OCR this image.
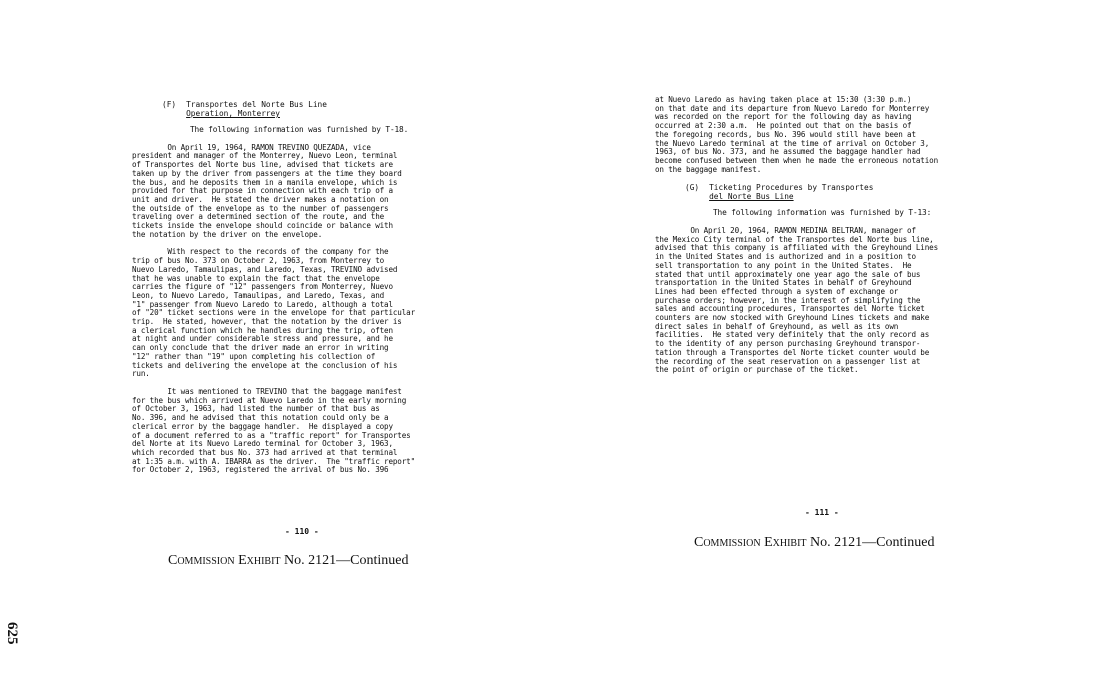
(F) Transportes del Norte Bus Line
Operation, Monterrey
The following information was furnished by T-18.
On April 19, 1964, RAMON TREVINO QUEZADA, vice
president and manager of the Monterrey, Nuevo Leon, terminal
of Transportes del Norte bus line, advised that tickets are
taken up by the driver from passengers at the time they board
the bus, and he deposits them in a manila envelope, which is
provided for that purpose in connection with each trip of a
unit and driver.  He stated the driver makes a notation on
the outside of the envelope as to the number of passengers
traveling over a determined section of the route, and the
tickets inside the envelope should coincide or balance with
the notation by the driver on the envelope.
With respect to the records of the company for the
trip of bus No. 373 on October 2, 1963, from Monterrey to
Nuevo Laredo, Tamaulipas, and Laredo, Texas, TREVINO advised
that he was unable to explain the fact that the envelope
carries the figure of "12" passengers from Monterrey, Nuevo
Leon, to Nuevo Laredo, Tamaulipas, and Laredo, Texas, and
"1" passenger from Nuevo Laredo to Laredo, although a total
of "20" ticket sections were in the envelope for that particular
trip.  He stated, however, that the notation by the driver is
a clerical function which he handles during the trip, often
at night and under considerable stress and pressure, and he
can only conclude that the driver made an error in writing
"12" rather than "19" upon completing his collection of
tickets and delivering the envelope at the conclusion of his
run.
It was mentioned to TREVINO that the baggage manifest
for the bus which arrived at Nuevo Laredo in the early morning
of October 3, 1963, had listed the number of that bus as
No. 396, and he advised that this notation could only be a
clerical error by the baggage handler.  He displayed a copy
of a document referred to as a "traffic report" for Transportes
del Norte at its Nuevo Laredo terminal for October 3, 1963,
which recorded that bus No. 373 had arrived at that terminal
at 1:35 a.m. with A. IBARRA as the driver.  The "traffic report"
for October 2, 1963, registered the arrival of bus No. 396
- 110 -
Commission Exhibit No. 2121—Continued
at Nuevo Laredo as having taken place at 15:30 (3:30 p.m.)
on that date and its departure from Nuevo Laredo for Monterrey
was recorded on the report for the following day as having
occurred at 2:30 a.m.  He pointed out that on the basis of
the foregoing records, bus No. 396 would still have been at
the Nuevo Laredo terminal at the time of arrival on October 3,
1963, of bus No. 373, and he assumed the baggage handler had
become confused between them when he made the erroneous notation
on the baggage manifest.
(G) Ticketing Procedures by Transportes
del Norte Bus Line
The following information was furnished by T-13:
On April 20, 1964, RAMON MEDINA BELTRAN, manager of
the Mexico City terminal of the Transportes del Norte bus line,
advised that this company is affiliated with the Greyhound Lines
in the United States and is authorized and in a position to
sell transportation to any point in the United States.  He
stated that until approximately one year ago the sale of bus
transportation in the United States in behalf of Greyhound
Lines had been effected through a system of exchange or
purchase orders; however, in the interest of simplifying the
sales and accounting procedures, Transportes del Norte ticket
counters are now stocked with Greyhound Lines tickets and make
direct sales in behalf of Greyhound, as well as its own
facilities.  He stated very definitely that the only record as
to the identity of any person purchasing Greyhound transpor-
tation through a Transportes del Norte ticket counter would be
the recording of the seat reservation on a passenger list at
the point of origin or purchase of the ticket.
- 111 -
Commission Exhibit No. 2121—Continued
625
